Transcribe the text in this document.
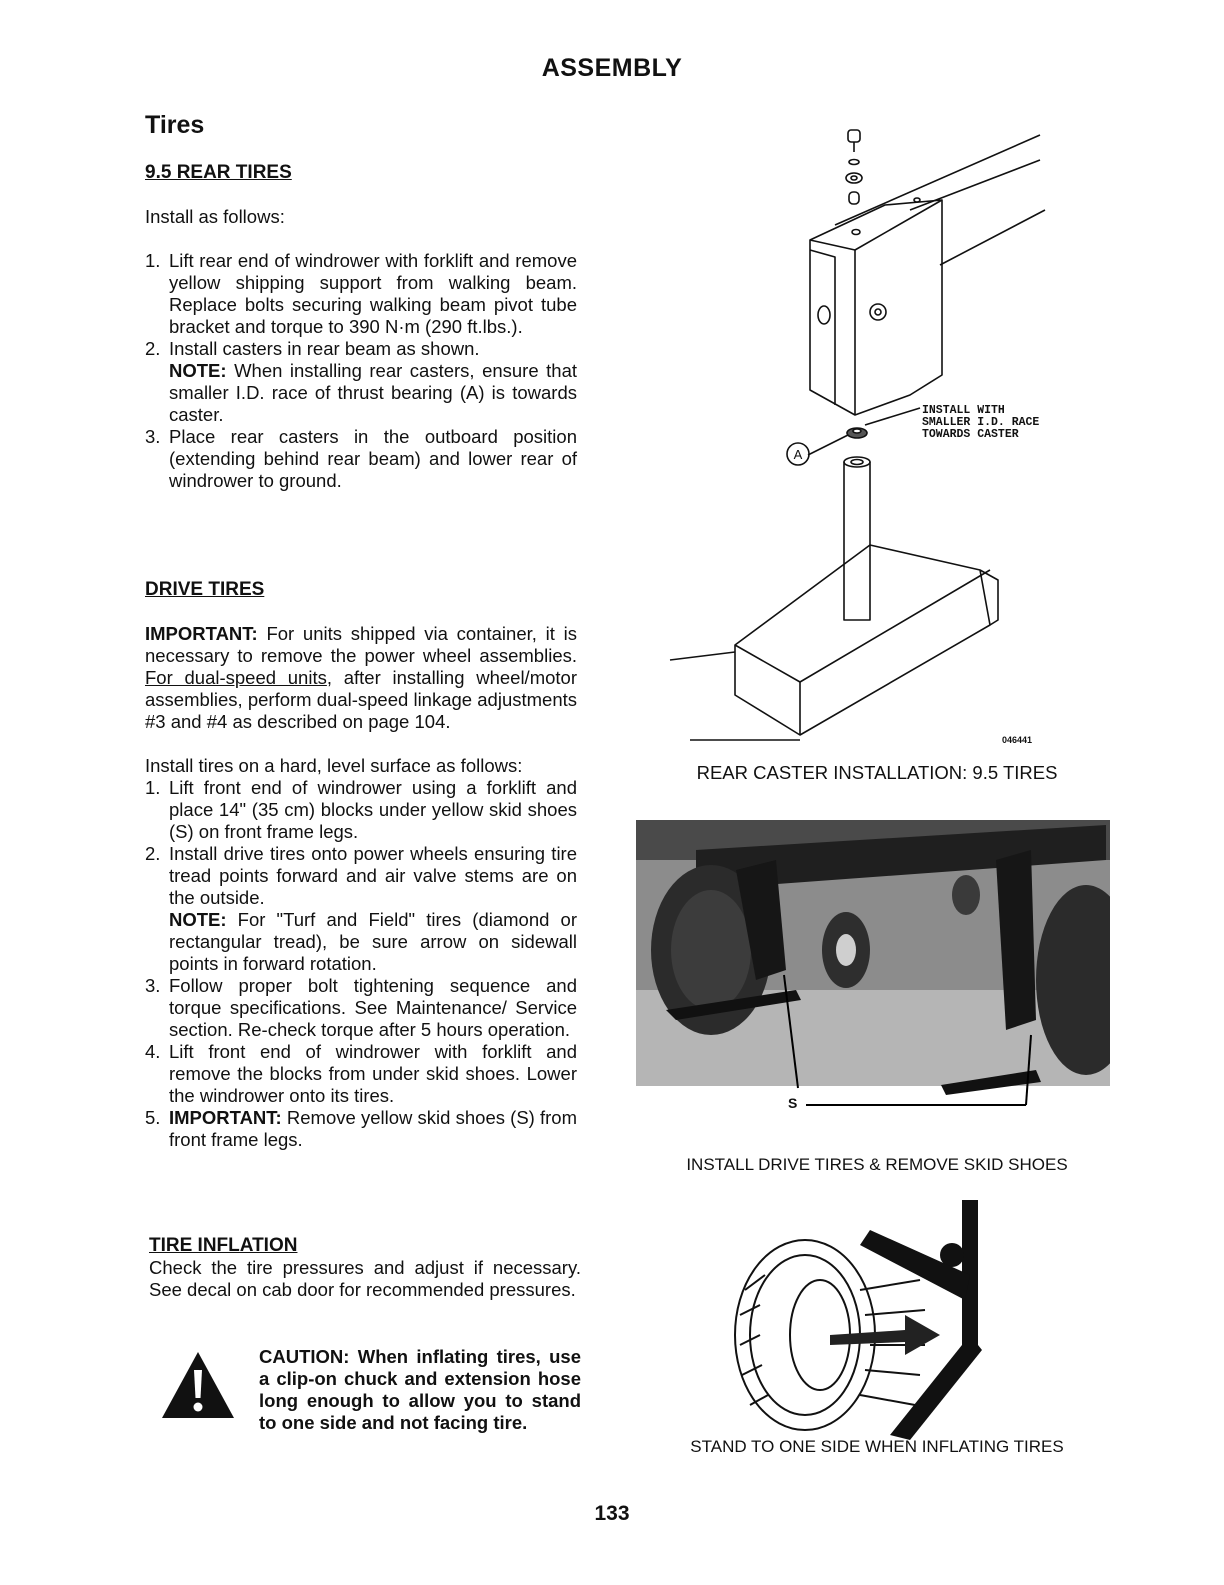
ASSEMBLY
Tires
9.5 REAR TIRES
Install as follows:
1. Lift rear end of windrower with forklift and remove yellow shipping support from walking beam. Replace bolts securing walking beam pivot tube bracket and torque to 390 N·m (290 ft.lbs.).
2. Install casters in rear beam as shown.
NOTE: When installing rear casters, ensure that smaller I.D. race of thrust bearing (A) is towards caster.
3. Place rear casters in the outboard position (extending behind rear beam) and lower rear of windrower to ground.
DRIVE TIRES
IMPORTANT: For units shipped via container, it is necessary to remove the power wheel assemblies. For dual-speed units, after installing wheel/motor assemblies, perform dual-speed linkage adjustments #3 and #4 as described on page 104.
Install tires on a hard, level surface as follows:
1. Lift front end of windrower using a forklift and place 14" (35 cm) blocks under yellow skid shoes (S) on front frame legs.
2. Install drive tires onto power wheels ensuring tire tread points forward and air valve stems are on the outside.
NOTE: For "Turf and Field" tires (diamond or rectangular tread), be sure arrow on sidewall points in forward rotation.
3. Follow proper bolt tightening sequence and torque specifications. See Maintenance/ Service section. Re-check torque after 5 hours operation.
4. Lift front end of windrower with forklift and remove the blocks from under skid shoes. Lower the windrower onto its tires.
5. IMPORTANT: Remove yellow skid shoes (S) from front frame legs.
TIRE INFLATION
Check the tire pressures and adjust if necessary. See decal on cab door for recommended pressures.
CAUTION: When inflating tires, use a clip-on chuck and extension hose long enough to allow you to stand to one side and not facing tire.
A
INSTALL WITH
SMALLER I.D. RACE
TOWARDS CASTER
046441
REAR CASTER INSTALLATION: 9.5 TIRES
S
INSTALL DRIVE TIRES & REMOVE SKID SHOES
STAND TO ONE SIDE WHEN INFLATING TIRES
133
